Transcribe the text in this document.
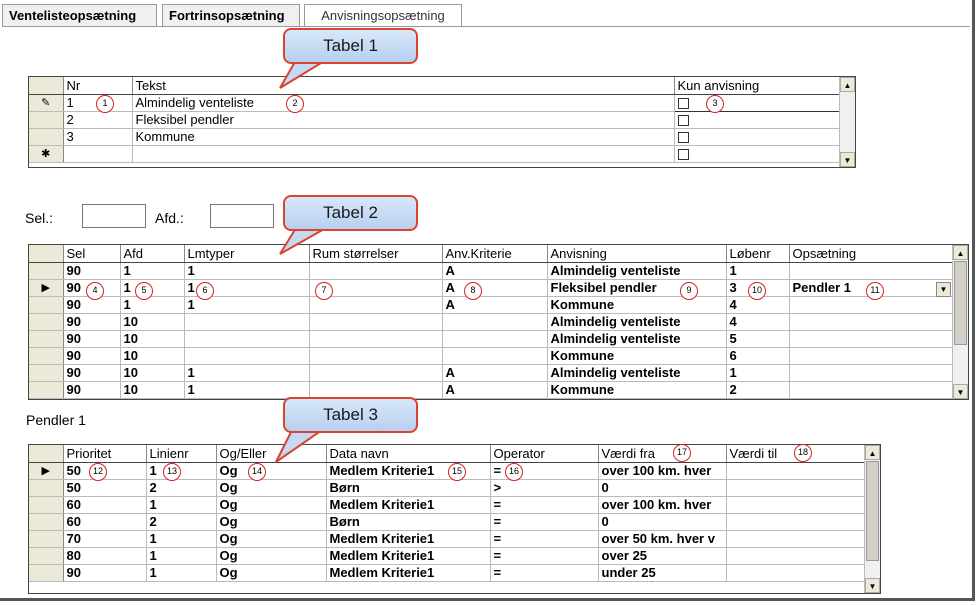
Ventelisteopsætning	Fortrinsopsætning	Anvisningsopsætning
	Nr	Tekst	Kun anvisning
✎	1	Almindelig venteliste	
	2	Fleksibel pendler	
	3	Kommune	
✱			
▲
▼
Sel.:	Afd.:
	Sel	Afd	Lmtyper	Rum størrelser	Anv.Kriterie	Anvisning	Løbenr	Opsætning
	90	1	1		A	Almindelig venteliste	1	
▶	90	1	1		A	Fleksibel pendler	3	Pendler 1
	90	1	1		A	Kommune	4	
	90	10				Almindelig venteliste	4	
	90	10				Almindelig venteliste	5	
	90	10				Kommune	6	
	90	10	1		A	Almindelig venteliste	1	
	90	10	1		A	Kommune	2	
▼
▲
▼
Pendler 1
	Prioritet	Linienr	Og/Eller	Data navn	Operator	Værdi fra	Værdi til
▶	50	1	Og	Medlem Kriterie1	=	over 100 km. hver	
	50	2	Og	Børn	>	0	
	60	1	Og	Medlem Kriterie1	=	over 100 km. hver	
	60	2	Og	Børn	=	0	
	70	1	Og	Medlem Kriterie1	=	over 50 km. hver v	
	80	1	Og	Medlem Kriterie1	=	over 25	
	90	1	Og	Medlem Kriterie1	=	under 25	
▲
▼
Tabel 1
Tabel 2
Tabel 3
1	2	3
4	5	6	7	8	9	10	11
12	13	14	15	16
17	18
